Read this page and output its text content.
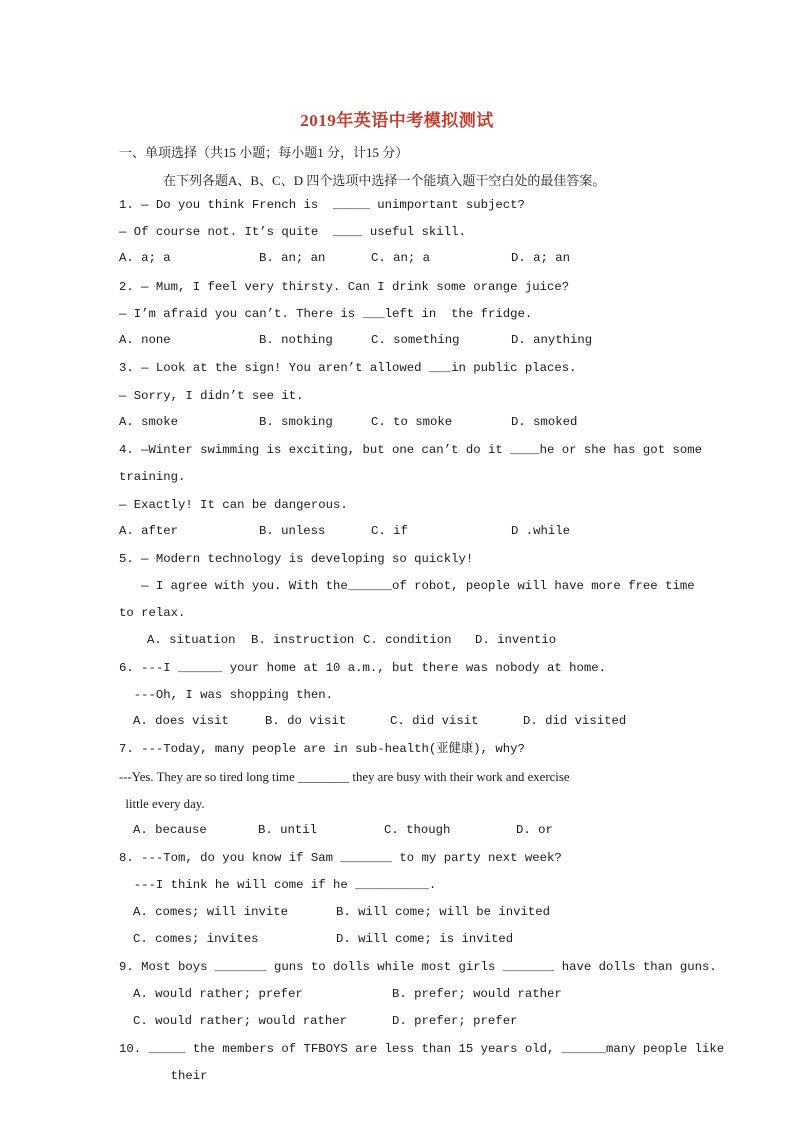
2019年英语中考模拟测试
一、单项选择（共15 小题；每小题1 分，计15 分）
在下列各题A、B、C、D 四个选项中选择一个能填入题干空白处的最佳答案。
1. — Do you think French is  _____ unimportant subject?
— Of course not. It’s quite  ____ useful skill.
A. a; a	B. an; an	C. an; a	D. a; an
2. — Mum, I feel very thirsty. Can I drink some orange juice?
— I’m afraid you can’t. There is ___left in  the fridge.
A. none	B. nothing	C. something	D. anything
3. — Look at the sign! You aren’t allowed ___in public places.
— Sorry, I didn’t see it.
A. smoke	B. smoking	C. to smoke	D. smoked
4. —Winter swimming is exciting, but one can’t do it ____he or she has got some
training.
— Exactly! It can be dangerous.
A. after	B. unless	C. if	D .while
5. — Modern technology is developing so quickly!
— I agree with you. With the______of robot, people will have more free time
to relax.
A. situation B. instruction C. condition D. inventio
6. ---I ______ your home at 10 a.m., but there was nobody at home.
---Oh, I was shopping then.
A. does visit	B. do visit	C. did visit	D. did visited
7. ---Today, many people are in sub-health(亚健康), why?
---Yes. They are so tired long time ________ they are busy with their work and exercise
little every day.
A. because	B. until	C. though	D. or
8. ---Tom, do you know if Sam _______ to my party next week?
---I think he will come if he __________.
A. comes; will invite	B. will come; will be invited
C. comes; invites	D. will come; is invited
9. Most boys _______ guns to dolls while most girls _______ have dolls than guns.
A. would rather; prefer	B. prefer; would rather
C. would rather; would rather	D. prefer; prefer
10. _____ the members of TFBOYS are less than 15 years old, ______many people like
their
